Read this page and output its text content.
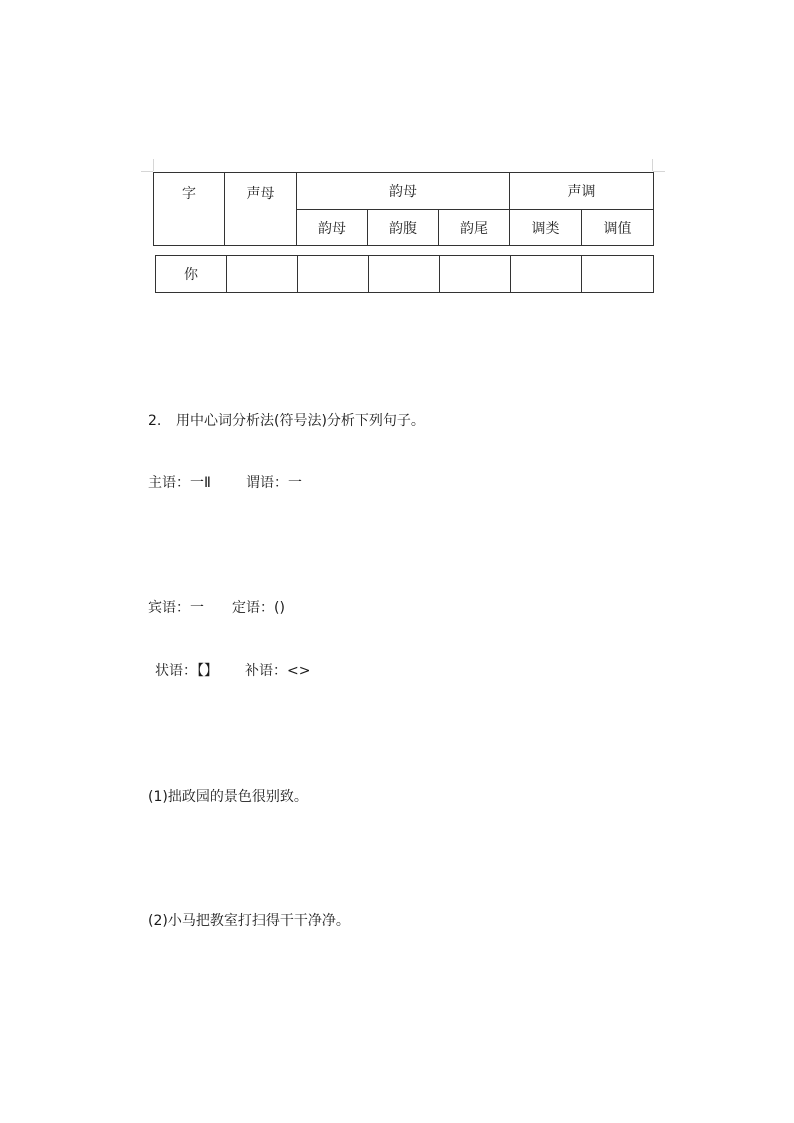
字	声母	韵母			声调	
		韵母	韵腹	韵尾	调类	调值
你						
2. 用中心词分析法(符号法)分析下列句子。
主语：一Ⅱ	谓语：一
宾语：一 定语：()
状语：【】 补语：<>
(1)拙政园的景色很别致。
(2)小马把教室打扫得干干净净。
